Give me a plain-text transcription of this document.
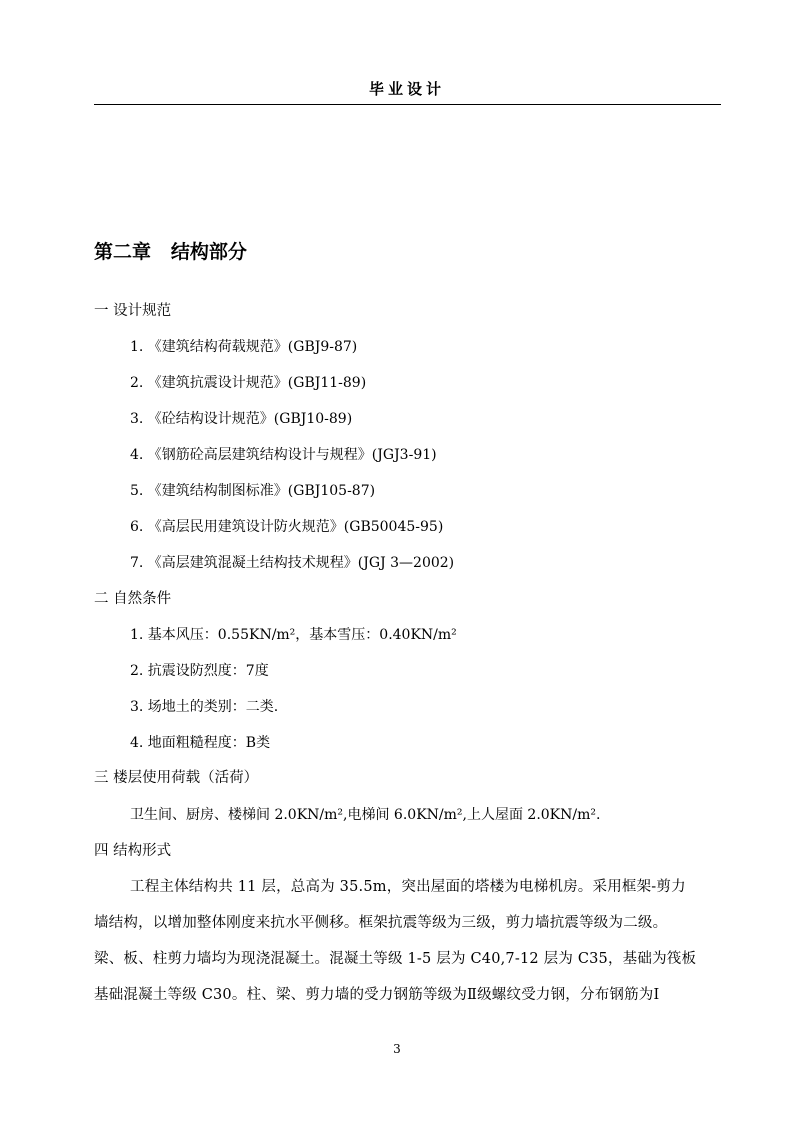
毕业设计
第二章   结构部分
一 设计规范
1. 《建筑结构荷载规范》(GBJ9-87)
2. 《建筑抗震设计规范》(GBJ11-89)
3. 《砼结构设计规范》(GBJ10-89)
4. 《钢筋砼高层建筑结构设计与规程》(JGJ3-91)
5. 《建筑结构制图标准》(GBJ105-87)
6. 《高层民用建筑设计防火规范》(GB50045-95)
7. 《高层建筑混凝土结构技术规程》(JGJ 3—2002)
二 自然条件
1. 基本风压：0.55KN/m²，基本雪压：0.40KN/m²
2. 抗震设防烈度：7度
3. 场地土的类别：二类.
4. 地面粗糙程度：B类
三 楼层使用荷载（活荷）
卫生间、厨房、楼梯间 2.0KN/m²,电梯间 6.0KN/m²,上人屋面 2.0KN/m².
四 结构形式
工程主体结构共 11 层，总高为 35.5m，突出屋面的塔楼为电梯机房。采用框架-剪力
墙结构，以增加整体刚度来抗水平侧移。框架抗震等级为三级，剪力墙抗震等级为二级。
梁、板、柱剪力墙均为现浇混凝土。混凝土等级 1-5 层为 C40,7-12 层为 C35，基础为筏板
基础混凝土等级 C30。柱、梁、剪力墙的受力钢筋等级为Ⅱ级螺纹受力钢，分布钢筋为Ⅰ
3
